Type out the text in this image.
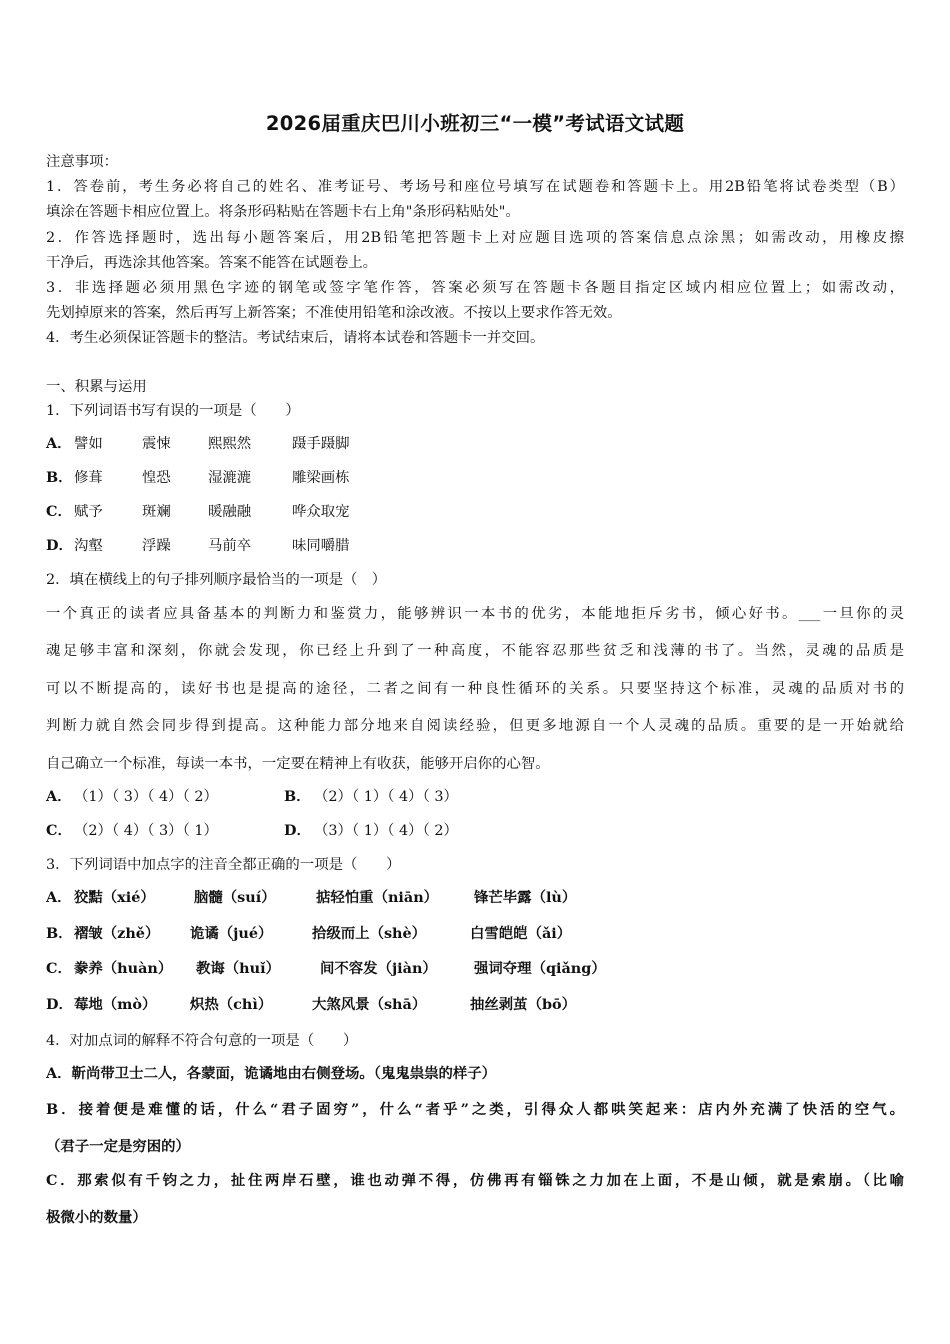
2026届重庆巴川小班初三“一模”考试语文试题
注意事项：
1．答卷前，考生务必将自己的姓名、准考证号、考场号和座位号填写在试题卷和答题卡上。用2B铅笔将试卷类型（B）
填涂在答题卡相应位置上。将条形码粘贴在答题卡右上角"条形码粘贴处"。
2．作答选择题时，选出每小题答案后，用2B铅笔把答题卡上对应题目选项的答案信息点涂黑；如需改动，用橡皮擦
干净后，再选涂其他答案。答案不能答在试题卷上。
3．非选择题必须用黑色字迹的钢笔或签字笔作答，答案必须写在答题卡各题目指定区域内相应位置上；如需改动，
先划掉原来的答案，然后再写上新答案；不准使用铅笔和涂改液。不按以上要求作答无效。
4．考生必须保证答题卡的整洁。考试结束后，请将本试卷和答题卡一并交回。
一、积累与运用
1．下列词语书写有误的一项是（　　）
A． 譬如	震悚	熙熙然	蹑手蹑脚
B．修葺	惶恐	湿漉漉	雕梁画栋
C． 赋予	斑斓	暖融融	哗众取宠
D．沟壑	浮躁	马前卒	味同嚼腊
2．填在横线上的句子排列顺序最恰当的一项是（　）
一个真正的读者应具备基本的判断力和鉴赏力，能够辨识一本书的优劣，本能地拒斥劣书，倾心好书。___一旦你的灵
魂足够丰富和深刻，你就会发现，你已经上升到了一种高度，不能容忍那些贫乏和浅薄的书了。当然，灵魂的品质是
可以不断提高的，读好书也是提高的途径，二者之间有一种良性循环的关系。只要坚持这个标准，灵魂的品质对书的
判断力就自然会同步得到提高。这种能力部分地来自阅读经验，但更多地源自一个人灵魂的品质。重要的是一开始就给
自己确立一个标准，每读一本书，一定要在精神上有收获，能够开启你的心智。
A． （1）（ 3）（ 4）（ 2）	B． （2）（ 1）（ 4）（ 3）
C． （2）（ 4）（ 3）（ 1）	D． （3）（ 1）（ 4）（ 2）
3．下列词语中加点字的注音全都正确的一项是（　　）
A． 狡黠（xié）	脑髓（suí）	掂轻怕重（niān） 锋芒毕露（lù）
B．褶皱（zhě） 诡谲（jué）	拾级而上（shè）	白雪皑皑（ǎi）
C． 豢养（huàn） 教诲（huǐ）	间不容发（jiàn）	强词夺理（qiǎng）
D．莓地（mò） 炽热（chì）	大煞风景（shā）	抽丝剥茧（bō）
4．对加点词的解释不符合句意的一项是（　　）
A．靳尚带卫士二人，各蒙面，诡谲地由右侧登场。（鬼鬼祟祟的样子）
B．接着便是难懂的话，什么“君子固穷”，什么“者乎”之类，引得众人都哄笑起来：店内外充满了快活的空气。
（君子一定是穷困的）
C．那索似有千钧之力，扯住两岸石壁，谁也动弹不得，仿佛再有锱铢之力加在上面，不是山倾，就是索崩。（比喻
极微小的数量）
